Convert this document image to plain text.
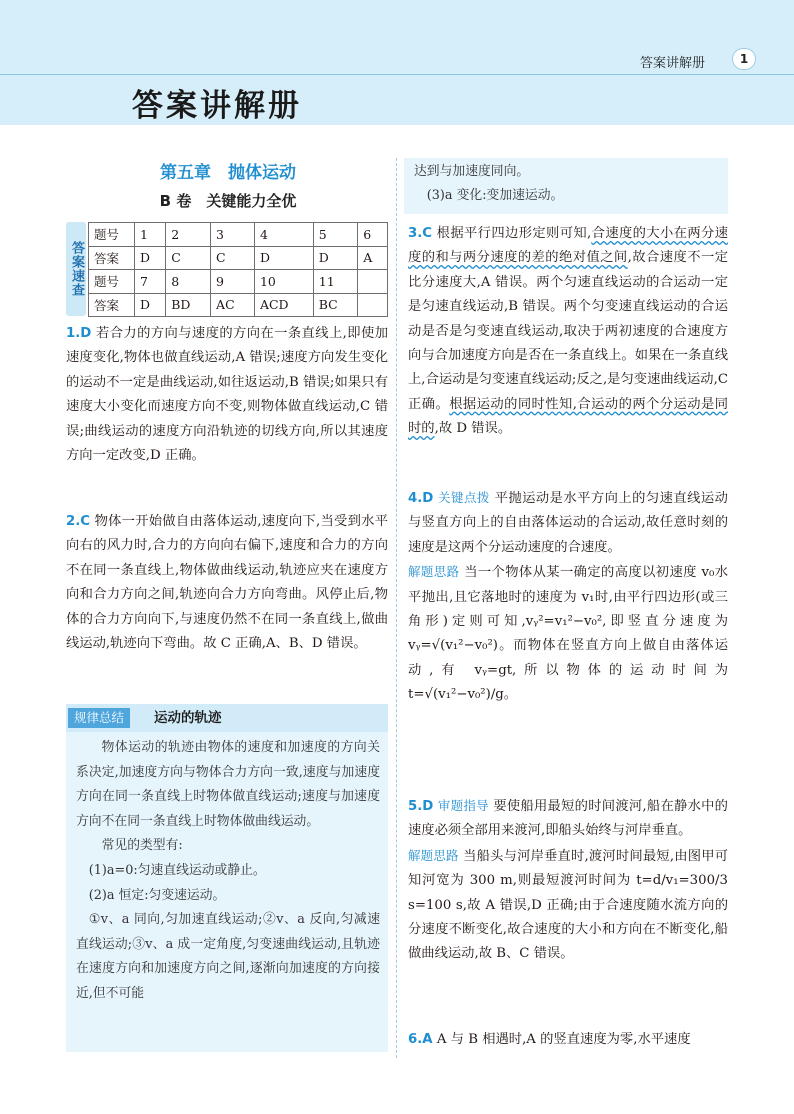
答案讲解册	1
答案讲解册
第五章　抛体运动
B 卷　关键能力全优
答案速查
题号	1	2	3	4	5	6
答案	D	C	C	D	D	A
题号	7	8	9	10	11	
答案	D	BD	AC	ACD	BC	

1.D 若合力的方向与速度的方向在一条直线上,即使加速度变化,物体也做直线运动,A 错误;速度方向发生变化的运动不一定是曲线运动,如往返运动,B 错误;如果只有速度大小变化而速度方向不变,则物体做直线运动,C 错误;曲线运动的速度方向沿轨迹的切线方向,所以其速度方向一定改变,D 正确。

2.C 物体一开始做自由落体运动,速度向下,当受到水平向右的风力时,合力的方向向右偏下,速度和合力的方向不在同一条直线上,物体做曲线运动,轨迹应夹在速度方向和合力方向之间,轨迹向合力方向弯曲。风停止后,物体的合力方向向下,与速度仍然不在同一条直线上,做曲线运动,轨迹向下弯曲。故 C 正确,A、B、D 错误。

规律总结	运动的轨迹

物体运动的轨迹由物体的速度和加速度的方向关系决定,加速度方向与物体合力方向一致,速度与加速度方向在同一条直线上时物体做直线运动;速度与加速度方向不在同一条直线上时物体做曲线运动。

常见的类型有:

(1)a=0:匀速直线运动或静止。

(2)a 恒定:匀变速运动。

①v、a 同向,匀加速直线运动;②v、a 反向,匀减速直线运动;③v、a 成一定角度,匀变速曲线运动,且轨迹在速度方向和加速度方向之间,逐渐向加速度的方向接近,但不可能

达到与加速度同向。

(3)a 变化:变加速运动。

3.C 根据平行四边形定则可知,合速度的大小在两分速度的和与两分速度的差的绝对值之间,故合速度不一定比分速度大,A 错误。两个匀速直线运动的合运动一定是匀速直线运动,B 错误。两个匀变速直线运动的合运动是否是匀变速直线运动,取决于两初速度的合速度方向与合加速度方向是否在一条直线上。如果在一条直线上,合运动是匀变速直线运动;反之,是匀变速曲线运动,C 正确。根据运动的同时性知,合运动的两个分运动是同时的,故 D 错误。

4.D 关键点拨 平抛运动是水平方向上的匀速直线运动与竖直方向上的自由落体运动的合运动,故任意时刻的速度是这两个分运动速度的合速度。

解题思路 当一个物体从某一确定的高度以初速度 v₀水平抛出,且它落地时的速度为 v₁时,由平行四边形(或三角形)定则可知,vᵧ²=v₁²−v₀²,即竖直分速度为 vᵧ=√(v₁²−v₀²)。而物体在竖直方向上做自由落体运动,有 vᵧ=gt,所以物体的运动时间为 t=√(v₁²−v₀²)/g。

5.D 审题指导 要使船用最短的时间渡河,船在静水中的速度必须全部用来渡河,即船头始终与河岸垂直。

解题思路 当船头与河岸垂直时,渡河时间最短,由图甲可知河宽为 300 m,则最短渡河时间为 t=d/v₁=300/3 s=100 s,故 A 错误,D 正确;由于合速度随水流方向的分速度不断变化,故合速度的大小和方向在不断变化,船做曲线运动,故 B、C 错误。

6.A A 与 B 相遇时,A 的竖直速度为零,水平速度
